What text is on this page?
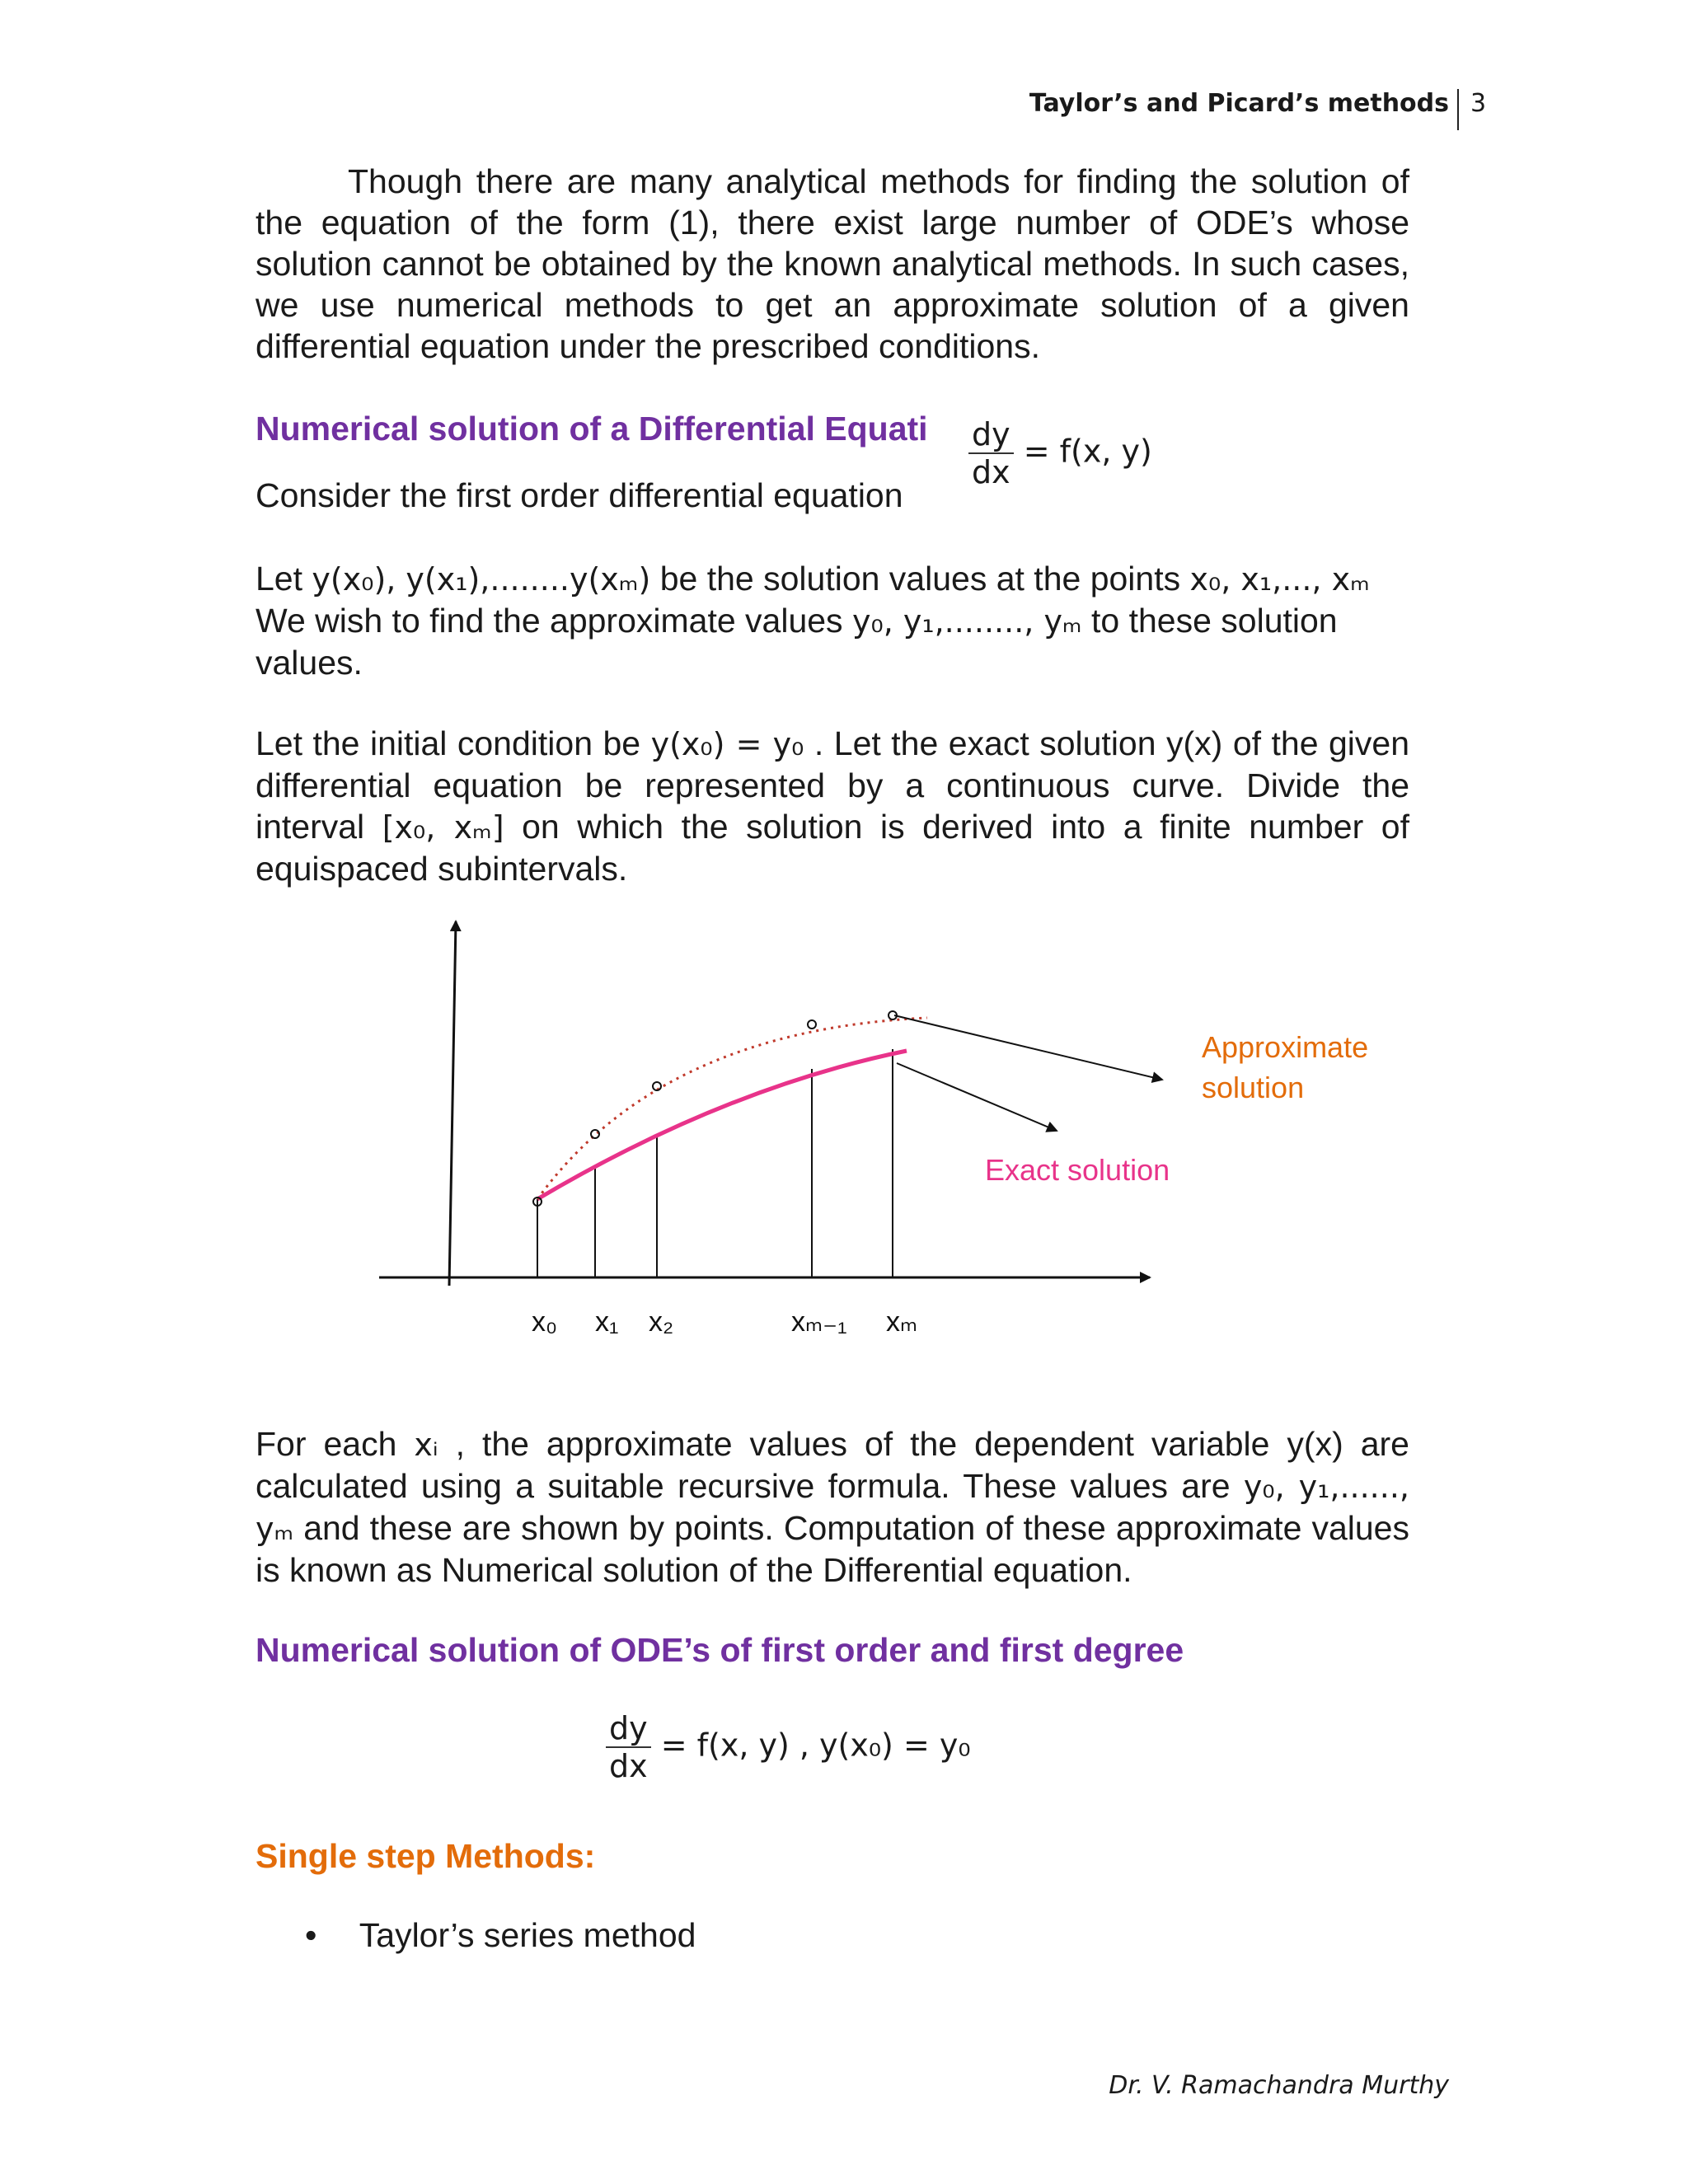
Taylor’s and Picard’s methods 3

Though there are many analytical methods for finding the solution of the equation of the form (1), there exist large number of ODE’s whose solution cannot be obtained by the known analytical methods. In such cases, we use numerical methods to get an approximate solution of a given differential equation under the prescribed conditions.

Numerical solution of a Differential Equati	$\frac{dy}{dx} = f(x$, y)
Consider the first order differential equation

Let y(x₀), y(x₁),........y(xₘ) be the solution values at the points x₀, x₁,..., xₘ
We wish to find the approximate values y₀, y₁,........, yₘ to these solution values.

Let the initial condition be y(x₀) = y₀ . Let the exact solution y(x) of the given differential equation be represented by a continuous curve. Divide the interval [x₀, xₘ] on which the solution is derived into a finite number of equispaced subintervals.

Approximate
solution
Exact solution
x₀ x₁ x₂	xₘ₋₁ xₘ

For each xᵢ , the approximate values of the dependent variable y(x) are calculated using a suitable recursive formula. These values are y₀, y₁,......, yₘ and these are shown by points. Computation of these approximate values is known as Numerical solution of the Differential equation.

Numerical solution of ODE’s of first order and first degree
$\frac{dy}{dx} = f(x$, y) , y(x₀) = y₀
Single step Methods:
• Taylor’s series method
Dr. V. Ramachandra Murthy
